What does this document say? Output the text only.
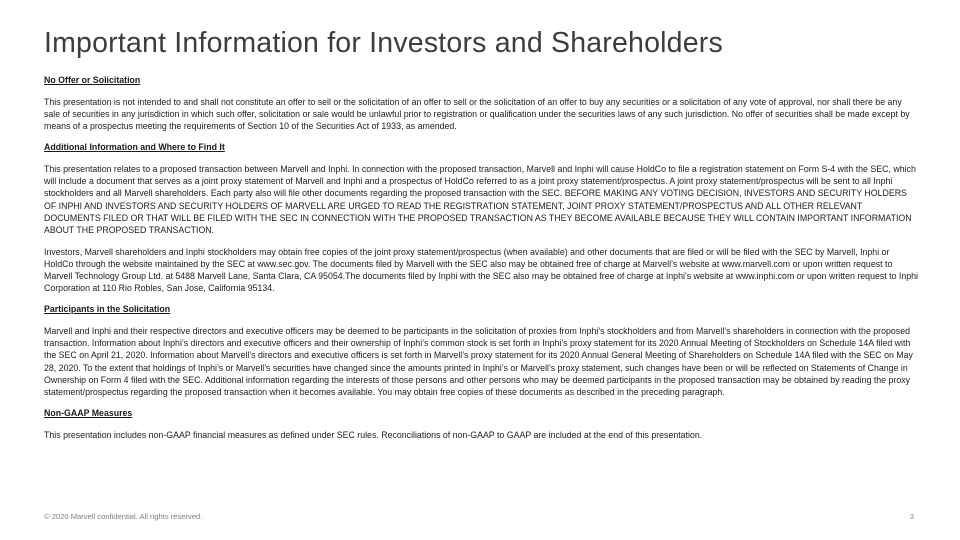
Important Information for Investors and Shareholders
No Offer or Solicitation

This presentation is not intended to and shall not constitute an offer to sell or the solicitation of an offer to sell or the solicitation of an offer to buy any securities or a solicitation of any vote of approval, nor shall there be any sale of securities in any jurisdiction in which such offer, solicitation or sale would be unlawful prior to registration or qualification under the securities laws of any such jurisdiction. No offer of securities shall be made except by means of a prospectus meeting the requirements of Section 10 of the Securities Act of 1933, as amended.

Additional Information and Where to Find It

This presentation relates to a proposed transaction between Marvell and Inphi. In connection with the proposed transaction, Marvell and Inphi will cause HoldCo to file a registration statement on Form S-4 with the SEC, which will include a document that serves as a joint proxy statement of Marvell and Inphi and a prospectus of HoldCo referred to as a joint proxy statement/prospectus. A joint proxy statement/prospectus will be sent to all Inphi stockholders and all Marvell shareholders. Each party also will file other documents regarding the proposed transaction with the SEC. BEFORE MAKING ANY VOTING DECISION, INVESTORS AND SECURITY HOLDERS OF INPHI AND INVESTORS AND SECURITY HOLDERS OF MARVELL ARE URGED TO READ THE REGISTRATION STATEMENT, JOINT PROXY STATEMENT/PROSPECTUS AND ALL OTHER RELEVANT DOCUMENTS FILED OR THAT WILL BE FILED WITH THE SEC IN CONNECTION WITH THE PROPOSED TRANSACTION AS THEY BECOME AVAILABLE BECAUSE THEY WILL CONTAIN IMPORTANT INFORMATION ABOUT THE PROPOSED TRANSACTION.

Investors, Marvell shareholders and Inphi stockholders may obtain free copies of the joint proxy statement/prospectus (when available) and other documents that are filed or will be filed with the SEC by Marvell, Inphi or HoldCo through the website maintained by the SEC at www.sec.gov. The documents filed by Marvell with the SEC also may be obtained free of charge at Marvell’s website at www.marvell.com or upon written request to Marvell Technology Group Ltd. at 5488 Marvell Lane, Santa Clara, CA 95054.The documents filed by Inphi with the SEC also may be obtained free of charge at Inphi’s website at www.inphi.com or upon written request to Inphi Corporation at 110 Rio Robles, San Jose, California 95134.

Participants in the Solicitation

Marvell and Inphi and their respective directors and executive officers may be deemed to be participants in the solicitation of proxies from Inphi’s stockholders and from Marvell’s shareholders in connection with the proposed transaction. Information about Inphi’s directors and executive officers and their ownership of Inphi’s common stock is set forth in Inphi’s proxy statement for its 2020 Annual Meeting of Stockholders on Schedule 14A filed with the SEC on April 21, 2020. Information about Marvell’s directors and executive officers is set forth in Marvell’s proxy statement for its 2020 Annual General Meeting of Shareholders on Schedule 14A filed with the SEC on May 28, 2020. To the extent that holdings of Inphi’s or Marvell’s securities have changed since the amounts printed in Inphi’s or Marvell’s proxy statement, such changes have been or will be reflected on Statements of Change in Ownership on Form 4 filed with the SEC. Additional information regarding the interests of those persons and other persons who may be deemed participants in the proposed transaction may be obtained by reading the proxy statement/prospectus regarding the proposed transaction when it becomes available. You may obtain free copies of these documents as described in the preceding paragraph.

Non-GAAP Measures

This presentation includes non-GAAP financial measures as defined under SEC rules. Reconciliations of non-GAAP to GAAP are included at the end of this presentation.

© 2020 Marvell confidential. All rights reserved.	3
